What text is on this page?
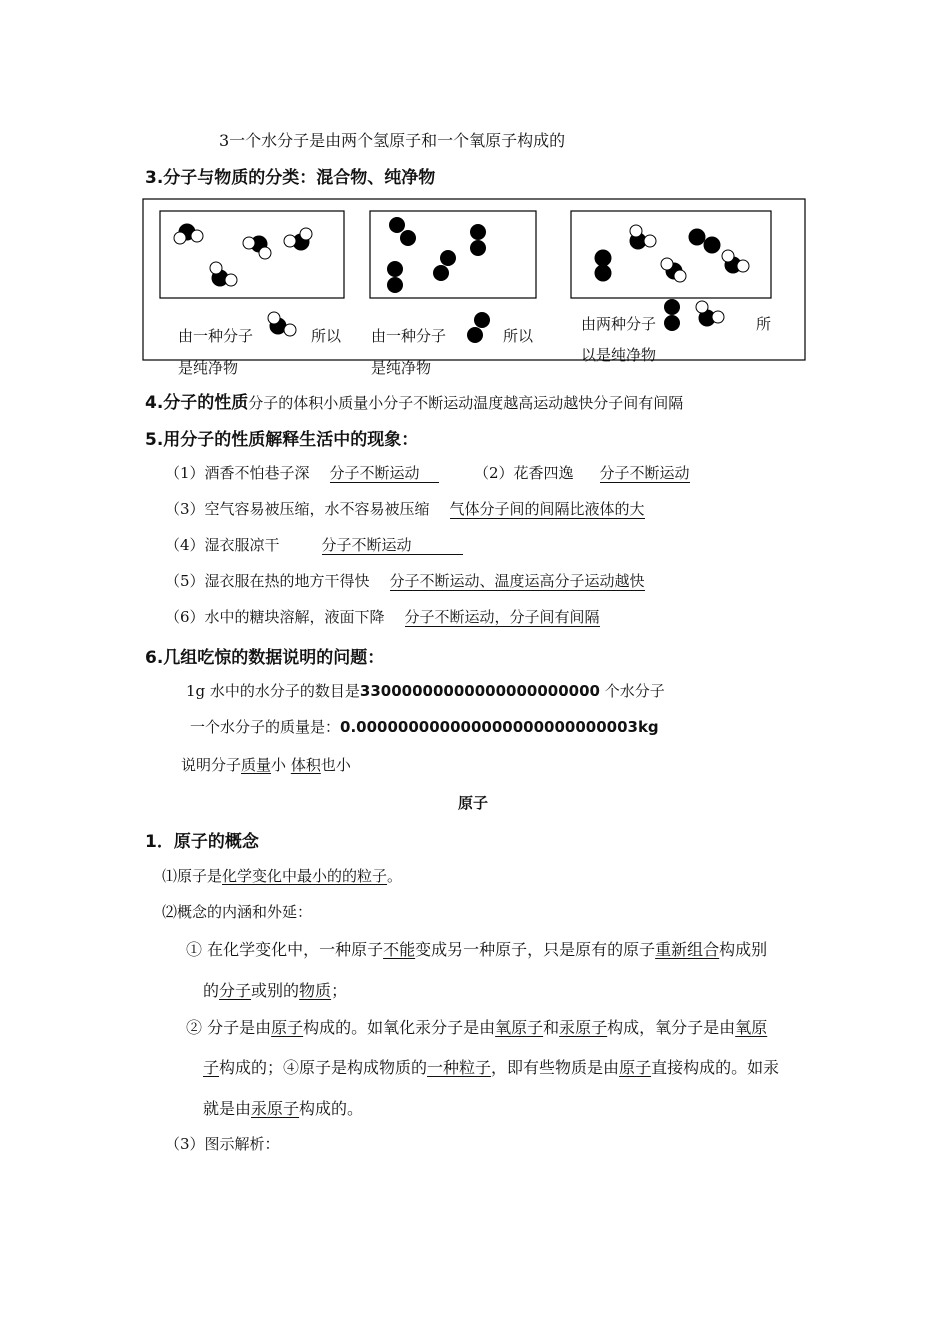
3一个水分子是由两个氢原子和一个氧原子构成的
3.分子与物质的分类：混合物、纯净物
由一种分子	所以
是纯净物
由一种分子	所以
是纯净物
由两种分子	所
以是纯净物
4.分子的性质分子的体积小质量小分子不断运动温度越高运动越快分子间有间隔
5.用分子的性质解释生活中的现象：
（1）酒香不怕巷子深 分子不断运动	（2）花香四逸 分子不断运动
（3）空气容易被压缩，水不容易被压缩 气体分子间的间隔比液体的大
（4）湿衣服凉干	分子不断运动
（5）湿衣服在热的地方干得快 分子不断运动、温度运高分子运动越快
（6）水中的糖块溶解，液面下降 分子不断运动，分子间有间隔
6.几组吃惊的数据说明的问题：
1g 水中的水分子的数目是33000000000000000000000 个水分子
一个水分子的质量是：0.000000000000000000000000003kg
说明分子质量小 体积也小
原子
1．原子的概念
⑴原子是化学变化中最小的的粒子。
⑵概念的内涵和外延：
① 在化学变化中，一种原子不能变成另一种原子，只是原有的原子重新组合构成别
的分子或别的物质；
② 分子是由原子构成的。如氧化汞分子是由氧原子和汞原子构成，氧分子是由氧原
子构成的；④原子是构成物质的一种粒子，即有些物质是由原子直接构成的。如汞
就是由汞原子构成的。
（3）图示解析：
